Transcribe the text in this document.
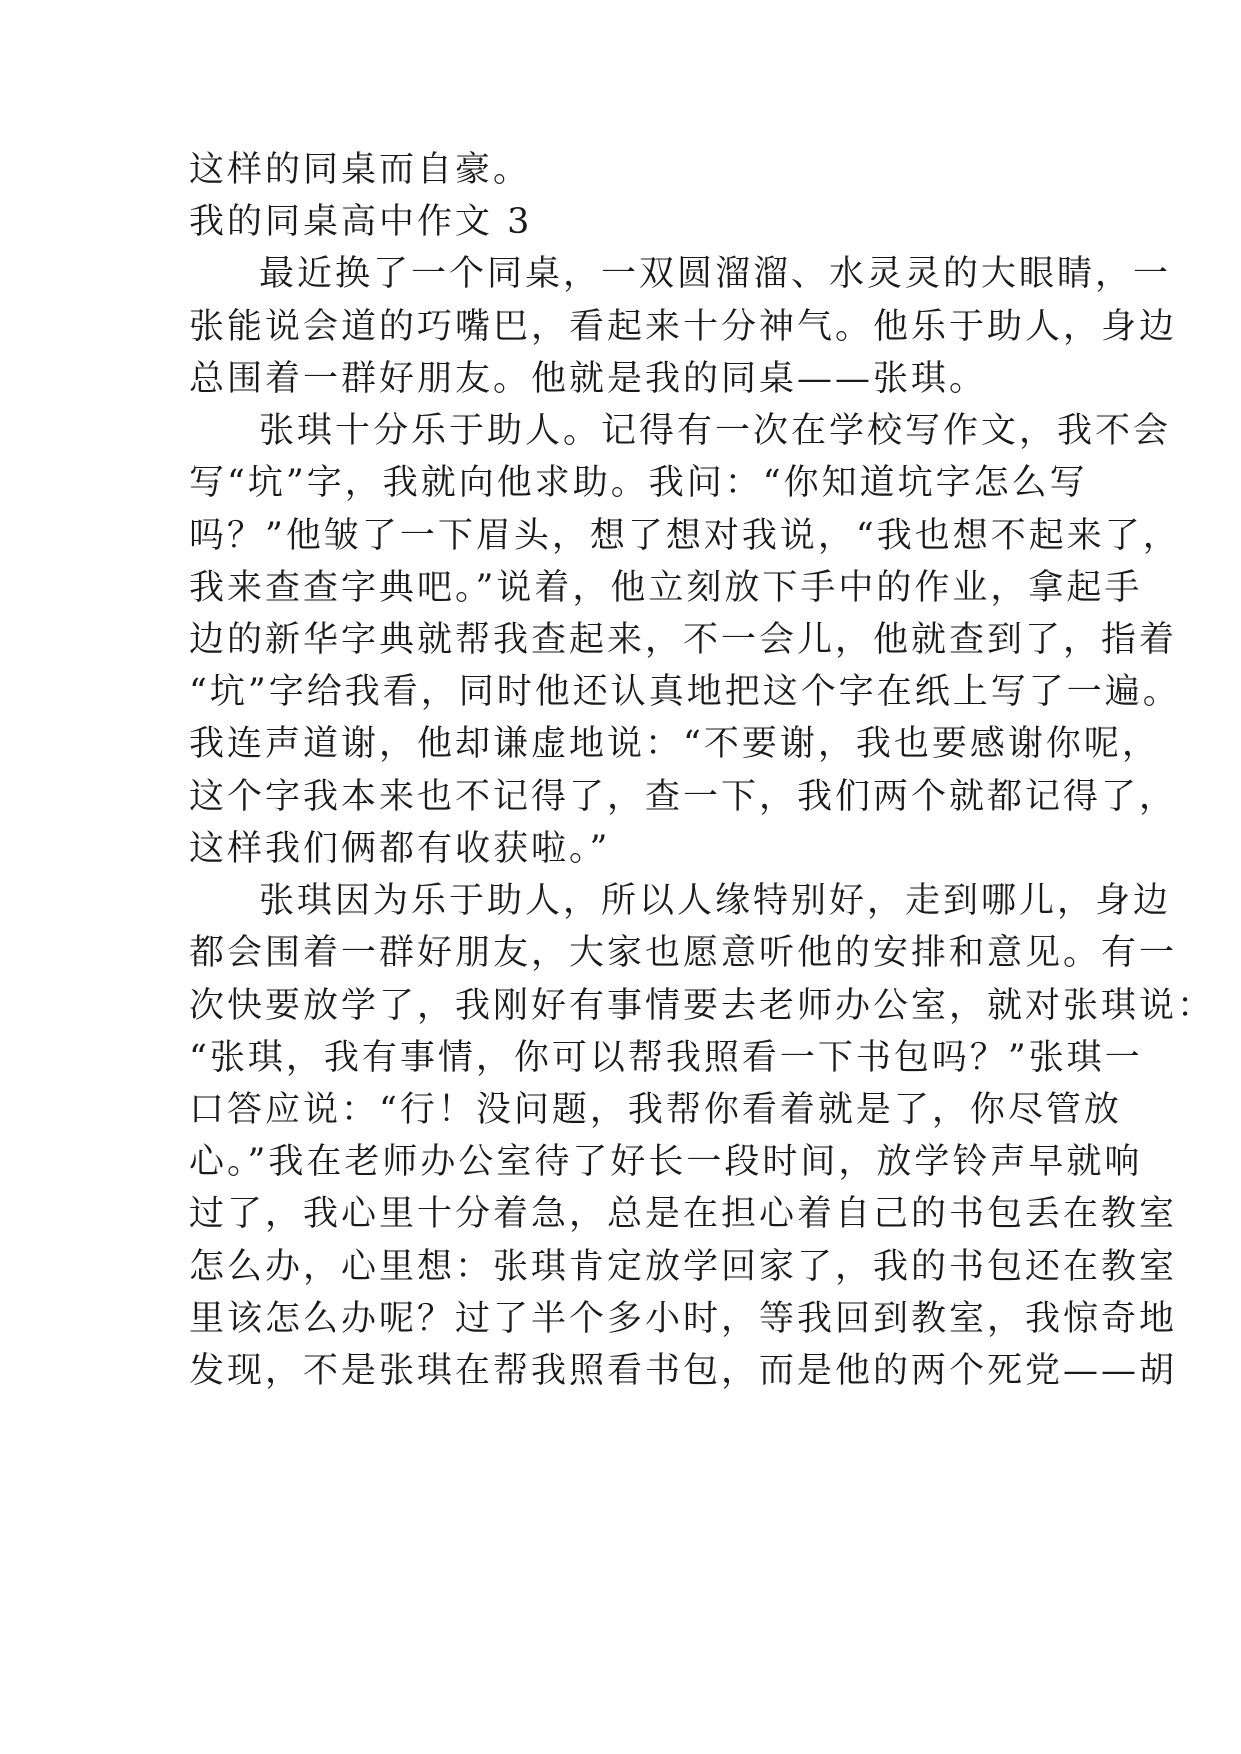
这样的同桌而自豪。
我的同桌高中作文 3
最近换了一个同桌，一双圆溜溜、水灵灵的大眼睛，一
张能说会道的巧嘴巴，看起来十分神气。他乐于助人，身边
总围着一群好朋友。他就是我的同桌——张琪。
张琪十分乐于助人。记得有一次在学校写作文，我不会
写“坑”字，我就向他求助。我问：“你知道坑字怎么写
吗？”他皱了一下眉头，想了想对我说，“我也想不起来了，
我来查查字典吧。”说着，他立刻放下手中的作业，拿起手
边的新华字典就帮我查起来，不一会儿，他就查到了，指着
“坑”字给我看，同时他还认真地把这个字在纸上写了一遍。
我连声道谢，他却谦虚地说：“不要谢，我也要感谢你呢，
这个字我本来也不记得了，查一下，我们两个就都记得了，
这样我们俩都有收获啦。”
张琪因为乐于助人，所以人缘特别好，走到哪儿，身边
都会围着一群好朋友，大家也愿意听他的安排和意见。有一
次快要放学了，我刚好有事情要去老师办公室，就对张琪说：
“张琪，我有事情，你可以帮我照看一下书包吗？”张琪一
口答应说：“行！没问题，我帮你看着就是了，你尽管放
心。”我在老师办公室待了好长一段时间，放学铃声早就响
过了，我心里十分着急，总是在担心着自己的书包丢在教室
怎么办，心里想：张琪肯定放学回家了，我的书包还在教室
里该怎么办呢？过了半个多小时，等我回到教室，我惊奇地
发现，不是张琪在帮我照看书包，而是他的两个死党——胡
